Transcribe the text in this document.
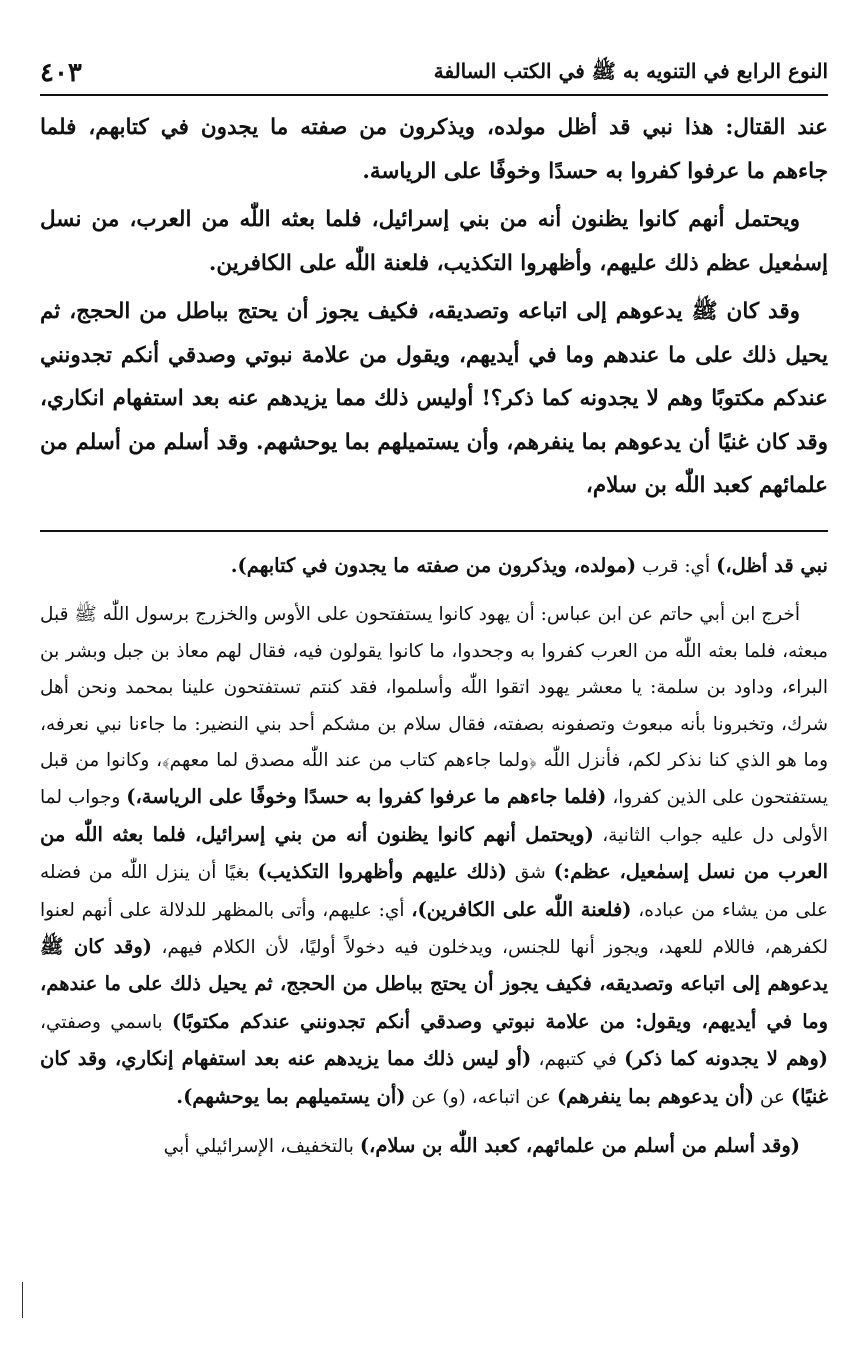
النوع الرابع في التنويه به ﷺ في الكتب السالفة
٤٠٣

عند القتال: هذا نبي قد أظل مولده، ويذكرون من صفته ما يجدون في كتابهم، فلما جاءهم ما عرفوا كفروا به حسدًا وخوفًا على الرياسة.

ويحتمل أنهم كانوا يظنون أنه من بني إسرائيل، فلما بعثه اللّٰه من العرب، من نسل إسمٰعيل عظم ذلك عليهم، وأظهروا التكذيب، فلعنة اللّٰه على الكافرين.

وقد كان ﷺ يدعوهم إلى اتباعه وتصديقه، فكيف يجوز أن يحتج بباطل من الحجج، ثم يحيل ذلك على ما عندهم وما في أيديهم، ويقول من علامة نبوتي وصدقي أنكم تجدونني عندكم مكتوبًا وهم لا يجدونه كما ذكر؟! أوليس ذلك مما يزيدهم عنه بعد استفهام انكاري، وقد كان غنيًا أن يدعوهم بما ينفرهم، وأن يستميلهم بما يوحشهم. وقد أسلم من أسلم من علمائهم كعبد اللّٰه بن سلام،

نبي قد أظل،) أي: قرب (مولده، ويذكرون من صفته ما يجدون في كتابهم).

أخرج ابن أبي حاتم عن ابن عباس: أن يهود كانوا يستفتحون على الأوس والخزرج برسول اللّٰه ﷺ قبل مبعثه، فلما بعثه اللّٰه من العرب كفروا به وجحدوا، ما كانوا يقولون فيه، فقال لهم معاذ بن جبل وبشر بن البراء، وداود بن سلمة: يا معشر يهود اتقوا اللّٰه وأسلموا، فقد كنتم تستفتحون علينا بمحمد ونحن أهل شرك، وتخبرونا بأنه مبعوث وتصفونه بصفته، فقال سلام بن مشكم أحد بني النضير: ما جاءنا نبي نعرفه، وما هو الذي كنا نذكر لكم، فأنزل اللّٰه ﴿ولما جاءهم كتاب من عند اللّٰه مصدق لما معهم﴾، وكانوا من قبل يستفتحون على الذين كفروا، (فلما جاءهم ما عرفوا كفروا به حسدًا وخوفًا على الرياسة،) وجواب لما الأولى دل عليه جواب الثانية، (ويحتمل أنهم كانوا يظنون أنه من بني إسرائيل، فلما بعثه اللّٰه من العرب من نسل إسمٰعيل، عظم:) شق (ذلك عليهم وأظهروا التكذيب) بغيًا أن ينزل اللّٰه من فضله على من يشاء من عباده، (فلعنة اللّٰه على الكافرين)، أي: عليهم، وأتى بالمظهر للدلالة على أنهم لعنوا لكفرهم، فاللام للعهد، ويجوز أنها للجنس، ويدخلون فيه دخولاً أوليًا، لأن الكلام فيهم، (وقد كان ﷺ يدعوهم إلى اتباعه وتصديقه، فكيف يجوز أن يحتج بباطل من الحجج، ثم يحيل ذلك على ما عندهم، وما في أيديهم، ويقول: من علامة نبوتي وصدقي أنكم تجدونني عندكم مكتوبًا) باسمي وصفتي، (وهم لا يجدونه كما ذكر) في كتبهم، (أو ليس ذلك مما يزيدهم عنه بعد استفهام إنكاري، وقد كان غنيًا) عن (أن يدعوهم بما ينفرهم) عن اتباعه، (و) عن (أن يستميلهم بما يوحشهم).

(وقد أسلم من أسلم من علمائهم، كعبد اللّٰه بن سلام،) بالتخفيف، الإسرائيلي أبي
